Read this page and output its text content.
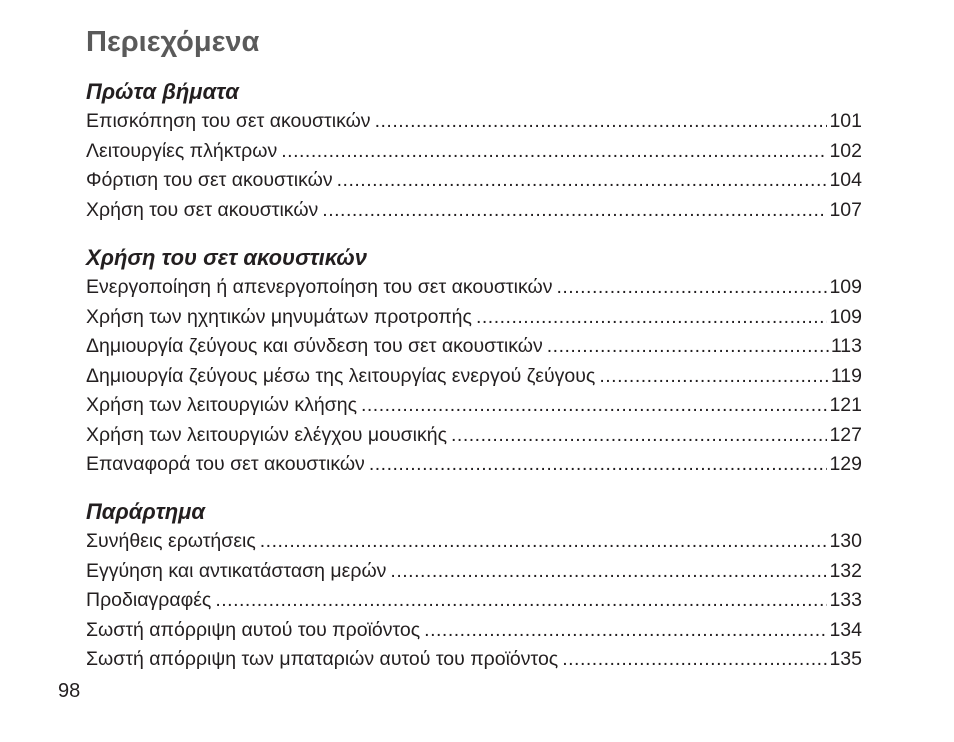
Περιεχόμενα
Πρώτα βήματα
Επισκόπηση του σετ ακουστικών .....	101
Λειτουργίες πλήκτρων .....	102
Φόρτιση του σετ ακουστικών .....	104
Χρήση του σετ ακουστικών .....	107
Χρήση του σετ ακουστικών
Ενεργοποίηση ή απενεργοποίηση του σετ ακουστικών .....	109
Χρήση των ηχητικών μηνυμάτων προτροπής .....	109
Δημιουργία ζεύγους και σύνδεση του σετ ακουστικών .....	113
Δημιουργία ζεύγους μέσω της λειτουργίας ενεργού ζεύγους .....	119
Χρήση των λειτουργιών κλήσης .....	121
Χρήση των λειτουργιών ελέγχου μουσικής .....	127
Επαναφορά του σετ ακουστικών .....	129
Παράρτημα
Συνήθεις ερωτήσεις .....	130
Εγγύηση και αντικατάσταση μερών .....	132
Προδιαγραφές .....	133
Σωστή απόρριψη αυτού του προϊόντος .....	134
Σωστή απόρριψη των μπαταριών αυτού του προϊόντος .....	135
98
